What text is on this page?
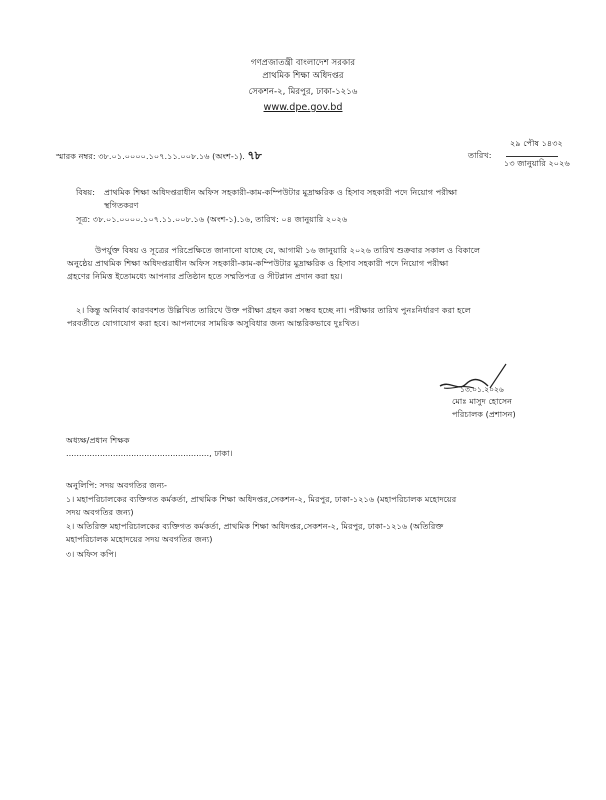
গণপ্রজাতন্ত্রী বাংলাদেশ সরকার
প্রাথমিক শিক্ষা অধিদপ্তর
সেকশন-২, মিরপুর, ঢাকা-১২১৬
www.dpe.gov.bd
স্মারক নম্বর: ৩৮.০১.০০০০.১০৭.১১.০০৮.১৬ (অংশ-১). ৭৮	তারিখ:
২৯ পৌষ ১৪৩২
১৩ জানুয়ারি ২০২৬
বিষয়: প্রাথমিক শিক্ষা অধিদপ্তরাধীন অফিস সহকারী-কাম-কম্পিউটার মুদ্রাক্ষরিক ও হিসাব সহকারী পদে নিয়োগ পরীক্ষা
স্থগিতকরণ
সূত্র: ৩৮.০১.০০০০.১০৭.১১.০০৮.১৬ (অংশ-১).১৬, তারিখ: ০৪ জানুয়ারি ২০২৬
উপর্যুক্ত বিষয় ও সূত্রের পরিপ্রেক্ষিতে জানানো যাচ্ছে যে, আগামী ১৬ জানুয়ারি ২০২৬ তারিখ শুক্রবার সকাল ও বিকালে
অনুষ্ঠেয় প্রাথমিক শিক্ষা অধিদপ্তরাধীন অফিস সহকারী-কাম-কম্পিউটার মুদ্রাক্ষরিক ও হিসাব সহকারী পদে নিয়োগ পরীক্ষা
গ্রহণের নিমিত্ত ইতোমধ্যে আপনার প্রতিষ্ঠান হতে সম্মতিপত্র ও সীটপ্লান প্রদান করা হয়।
২। কিন্তু অনিবার্য কারণবশত উল্লিখিত তারিখে উক্ত পরীক্ষা গ্রহন করা সম্ভব হচ্ছে না। পরীক্ষার তারিখ পুনঃনির্ধারণ করা হলে
পরবর্তীতে যোগাযোগ করা হবে। আপনাদের সাময়িক অসুবিধার জন্য আন্তরিকভাবে দুঃখিত।
১৩.০১.২০২৬
মোঃ মাসুদ হোসেন
পরিচালক (প্রশাসন)
অধ্যক্ষ/প্রধান শিক্ষক
......................................................., ঢাকা।
অনুলিপি: সদয় অবগতির জন্য-
১। মহাপরিচালকের ব্যক্তিগত কর্মকর্তা, প্রাথমিক শিক্ষা অধিদপ্তর,সেকশন-২, মিরপুর, ঢাকা-১২১৬ (মহাপরিচালক মহোদয়ের
সদয় অবগতির জন্য)
২। অতিরিক্ত মহাপরিচালকের ব্যক্তিগত কর্মকর্তা, প্রাথমিক শিক্ষা অধিদপ্তর,সেকশন-২, মিরপুর, ঢাকা-১২১৬ (অতিরিক্ত
মহাপরিচালক মহোদয়ের সদয় অবগতির জন্য)
৩। অফিস কপি।
